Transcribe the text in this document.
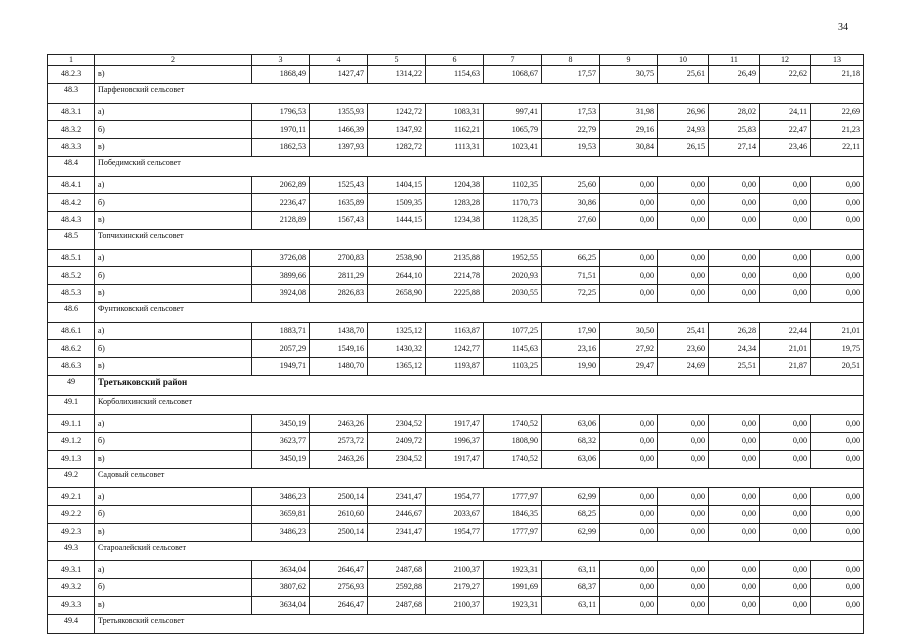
34
1	2	3	4	5	6	7	8	9	10	11	12	13
48.2.3	в)	1868,49	1427,47	1314,22	1154,63	1068,67	17,57	30,75	25,61	26,49	22,62	21,18
48.3	Парфеновский сельсовет											
48.3.1	а)	1796,53	1355,93	1242,72	1083,31	997,41	17,53	31,98	26,96	28,02	24,11	22,69
48.3.2	б)	1970,11	1466,39	1347,92	1162,21	1065,79	22,79	29,16	24,93	25,83	22,47	21,23
48.3.3	в)	1862,53	1397,93	1282,72	1113,31	1023,41	19,53	30,84	26,15	27,14	23,46	22,11
48.4	Победимский сельсовет											
48.4.1	а)	2062,89	1525,43	1404,15	1204,38	1102,35	25,60	0,00	0,00	0,00	0,00	0,00
48.4.2	б)	2236,47	1635,89	1509,35	1283,28	1170,73	30,86	0,00	0,00	0,00	0,00	0,00
48.4.3	в)	2128,89	1567,43	1444,15	1234,38	1128,35	27,60	0,00	0,00	0,00	0,00	0,00
48.5	Топчихинский сельсовет											
48.5.1	а)	3726,08	2700,83	2538,90	2135,88	1952,55	66,25	0,00	0,00	0,00	0,00	0,00
48.5.2	б)	3899,66	2811,29	2644,10	2214,78	2020,93	71,51	0,00	0,00	0,00	0,00	0,00
48.5.3	в)	3924,08	2826,83	2658,90	2225,88	2030,55	72,25	0,00	0,00	0,00	0,00	0,00
48.6	Фунтиковский сельсовет											
48.6.1	а)	1883,71	1438,70	1325,12	1163,87	1077,25	17,90	30,50	25,41	26,28	22,44	21,01
48.6.2	б)	2057,29	1549,16	1430,32	1242,77	1145,63	23,16	27,92	23,60	24,34	21,01	19,75
48.6.3	в)	1949,71	1480,70	1365,12	1193,87	1103,25	19,90	29,47	24,69	25,51	21,87	20,51
49	Третьяковский район											
49.1	Корболихинский сельсовет											
49.1.1	а)	3450,19	2463,26	2304,52	1917,47	1740,52	63,06	0,00	0,00	0,00	0,00	0,00
49.1.2	б)	3623,77	2573,72	2409,72	1996,37	1808,90	68,32	0,00	0,00	0,00	0,00	0,00
49.1.3	в)	3450,19	2463,26	2304,52	1917,47	1740,52	63,06	0,00	0,00	0,00	0,00	0,00
49.2	Садовый сельсовет											
49.2.1	а)	3486,23	2500,14	2341,47	1954,77	1777,97	62,99	0,00	0,00	0,00	0,00	0,00
49.2.2	б)	3659,81	2610,60	2446,67	2033,67	1846,35	68,25	0,00	0,00	0,00	0,00	0,00
49.2.3	в)	3486,23	2500,14	2341,47	1954,77	1777,97	62,99	0,00	0,00	0,00	0,00	0,00
49.3	Староалейский сельсовет											
49.3.1	а)	3634,04	2646,47	2487,68	2100,37	1923,31	63,11	0,00	0,00	0,00	0,00	0,00
49.3.2	б)	3807,62	2756,93	2592,88	2179,27	1991,69	68,37	0,00	0,00	0,00	0,00	0,00
49.3.3	в)	3634,04	2646,47	2487,68	2100,37	1923,31	63,11	0,00	0,00	0,00	0,00	0,00
49.4	Третьяковский сельсовет											
